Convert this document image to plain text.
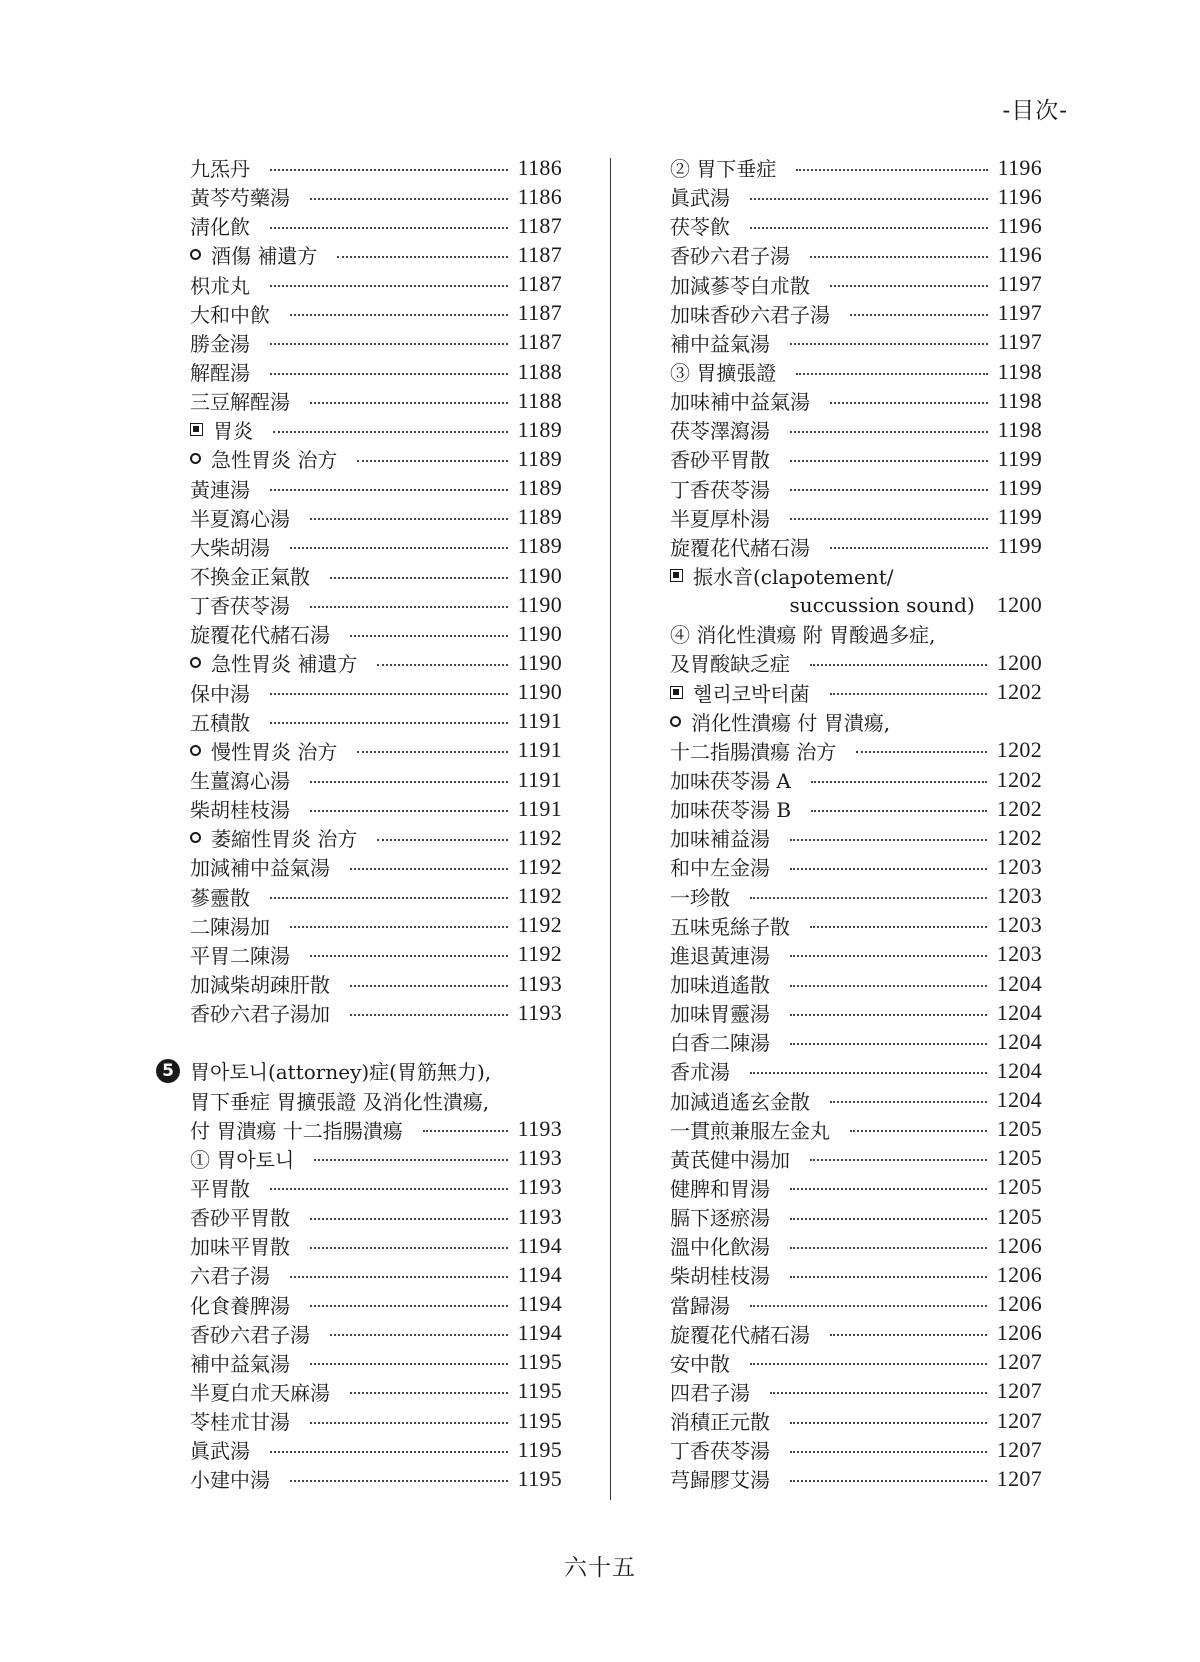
-目次-
九炁丹	1186
黃芩芍藥湯	1186
淸化飮	1187
酒傷 補遺方	1187
枳朮丸	1187
大和中飮	1187
勝金湯	1187
解酲湯	1188
三豆解酲湯	1188
胃炎	1189
急性胃炎 治方	1189
黃連湯	1189
半夏瀉心湯	1189
大柴胡湯	1189
不換金正氣散	1190
丁香茯苓湯	1190
旋覆花代赭石湯	1190
急性胃炎 補遺方	1190
保中湯	1190
五積散	1191
慢性胃炎 治方	1191
生薑瀉心湯	1191
柴胡桂枝湯	1191
萎縮性胃炎 治方	1192
加減補中益氣湯	1192
蔘靈散	1192
二陳湯加	1192
平胃二陳湯	1192
加減柴胡疎肝散	1193
香砂六君子湯加	1193
5 胃아토니(attorney)症(胃筋無力),
胃下垂症 胃擴張證 及消化性潰瘍,
付 胃潰瘍 十二指腸潰瘍	1193
① 胃아토니	1193
平胃散	1193
香砂平胃散	1193
加味平胃散	1194
六君子湯	1194
化食養脾湯	1194
香砂六君子湯	1194
補中益氣湯	1195
半夏白朮天麻湯	1195
苓桂朮甘湯	1195
眞武湯	1195
小建中湯	1195
② 胃下垂症	1196
眞武湯	1196
茯苓飮	1196
香砂六君子湯	1196
加減蔘苓白朮散	1197
加味香砂六君子湯	1197
補中益氣湯	1197
③ 胃擴張證	1198
加味補中益氣湯	1198
茯苓澤瀉湯	1198
香砂平胃散	1199
丁香茯苓湯	1199
半夏厚朴湯	1199
旋覆花代赭石湯	1199
振水音(clapotement/
succussion sound) 1200
④ 消化性潰瘍 附 胃酸過多症,
及胃酸缺乏症	1200
헬리코박터菌	1202
消化性潰瘍 付 胃潰瘍,
十二指腸潰瘍 治方	1202
加味茯苓湯 A	1202
加味茯苓湯 B	1202
加味補益湯	1202
和中左金湯	1203
一珍散	1203
五味兎絲子散	1203
進退黃連湯	1203
加味逍遙散	1204
加味胃靈湯	1204
白香二陳湯	1204
香朮湯	1204
加減逍遙玄金散	1204
一貫煎兼服左金丸	1205
黃芪健中湯加	1205
健脾和胃湯	1205
膈下逐瘀湯	1205
溫中化飮湯	1206
柴胡桂枝湯	1206
當歸湯	1206
旋覆花代赭石湯	1206
安中散	1207
四君子湯	1207
消積正元散	1207
丁香茯苓湯	1207
芎歸膠艾湯	1207
六十五
